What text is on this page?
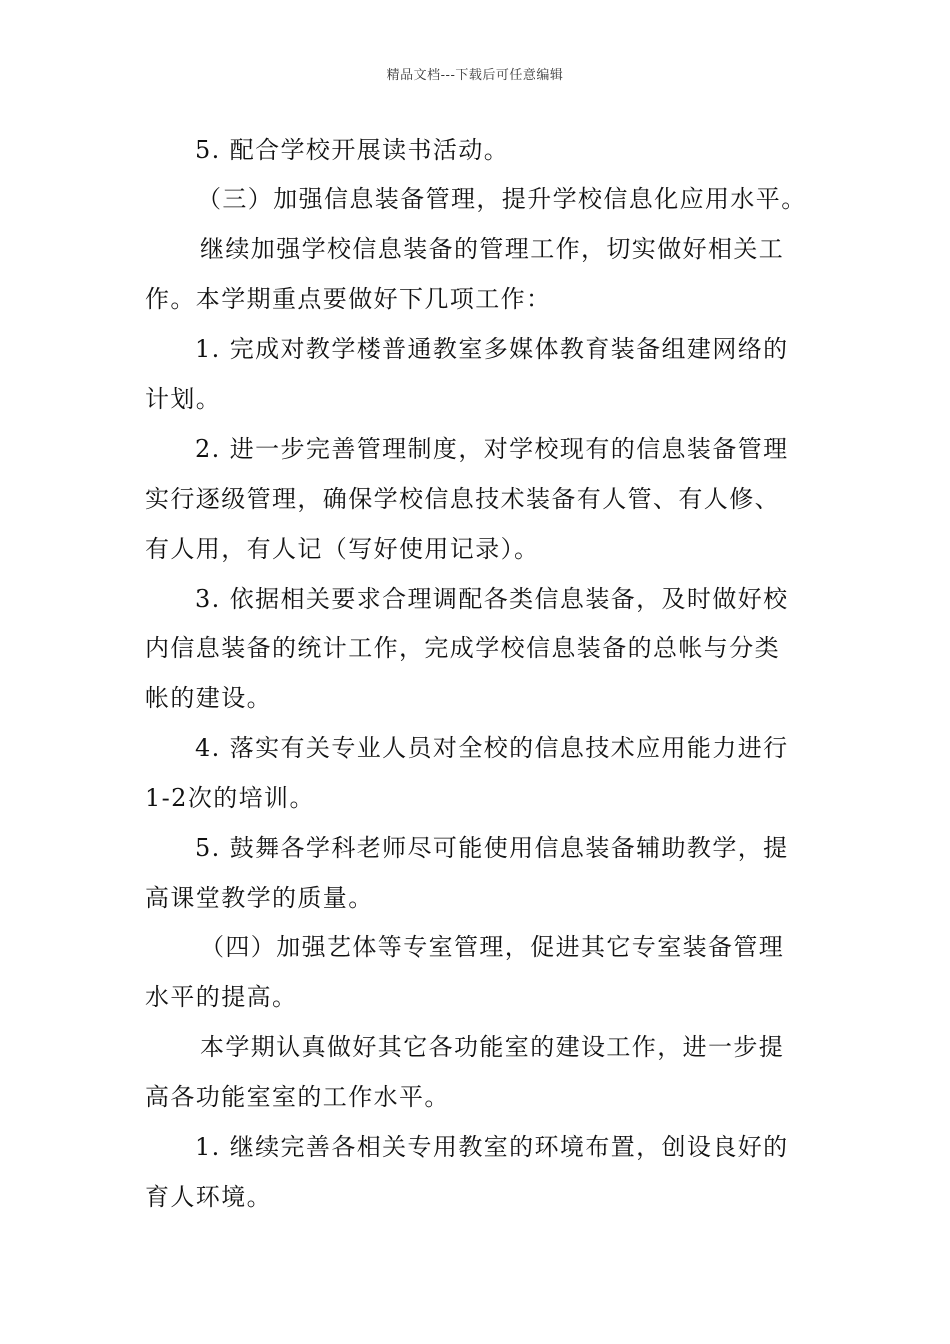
精品文档---下载后可任意编辑
5. 配合学校开展读书活动。
（三）加强信息装备管理，提升学校信息化应用水平。
继续加强学校信息装备的管理工作，切实做好相关工
作。本学期重点要做好下几项工作：
1. 完成对教学楼普通教室多媒体教育装备组建网络的
计划。
2. 进一步完善管理制度，对学校现有的信息装备管理
实行逐级管理，确保学校信息技术装备有人管、有人修、
有人用，有人记（写好使用记录）。
3. 依据相关要求合理调配各类信息装备，及时做好校
内信息装备的统计工作，完成学校信息装备的总帐与分类
帐的建设。
4. 落实有关专业人员对全校的信息技术应用能力进行
1-2次的培训。
5. 鼓舞各学科老师尽可能使用信息装备辅助教学，提
高课堂教学的质量。
（四）加强艺体等专室管理，促进其它专室装备管理
水平的提高。
本学期认真做好其它各功能室的建设工作，进一步提
高各功能室室的工作水平。
1. 继续完善各相关专用教室的环境布置，创设良好的
育人环境。
